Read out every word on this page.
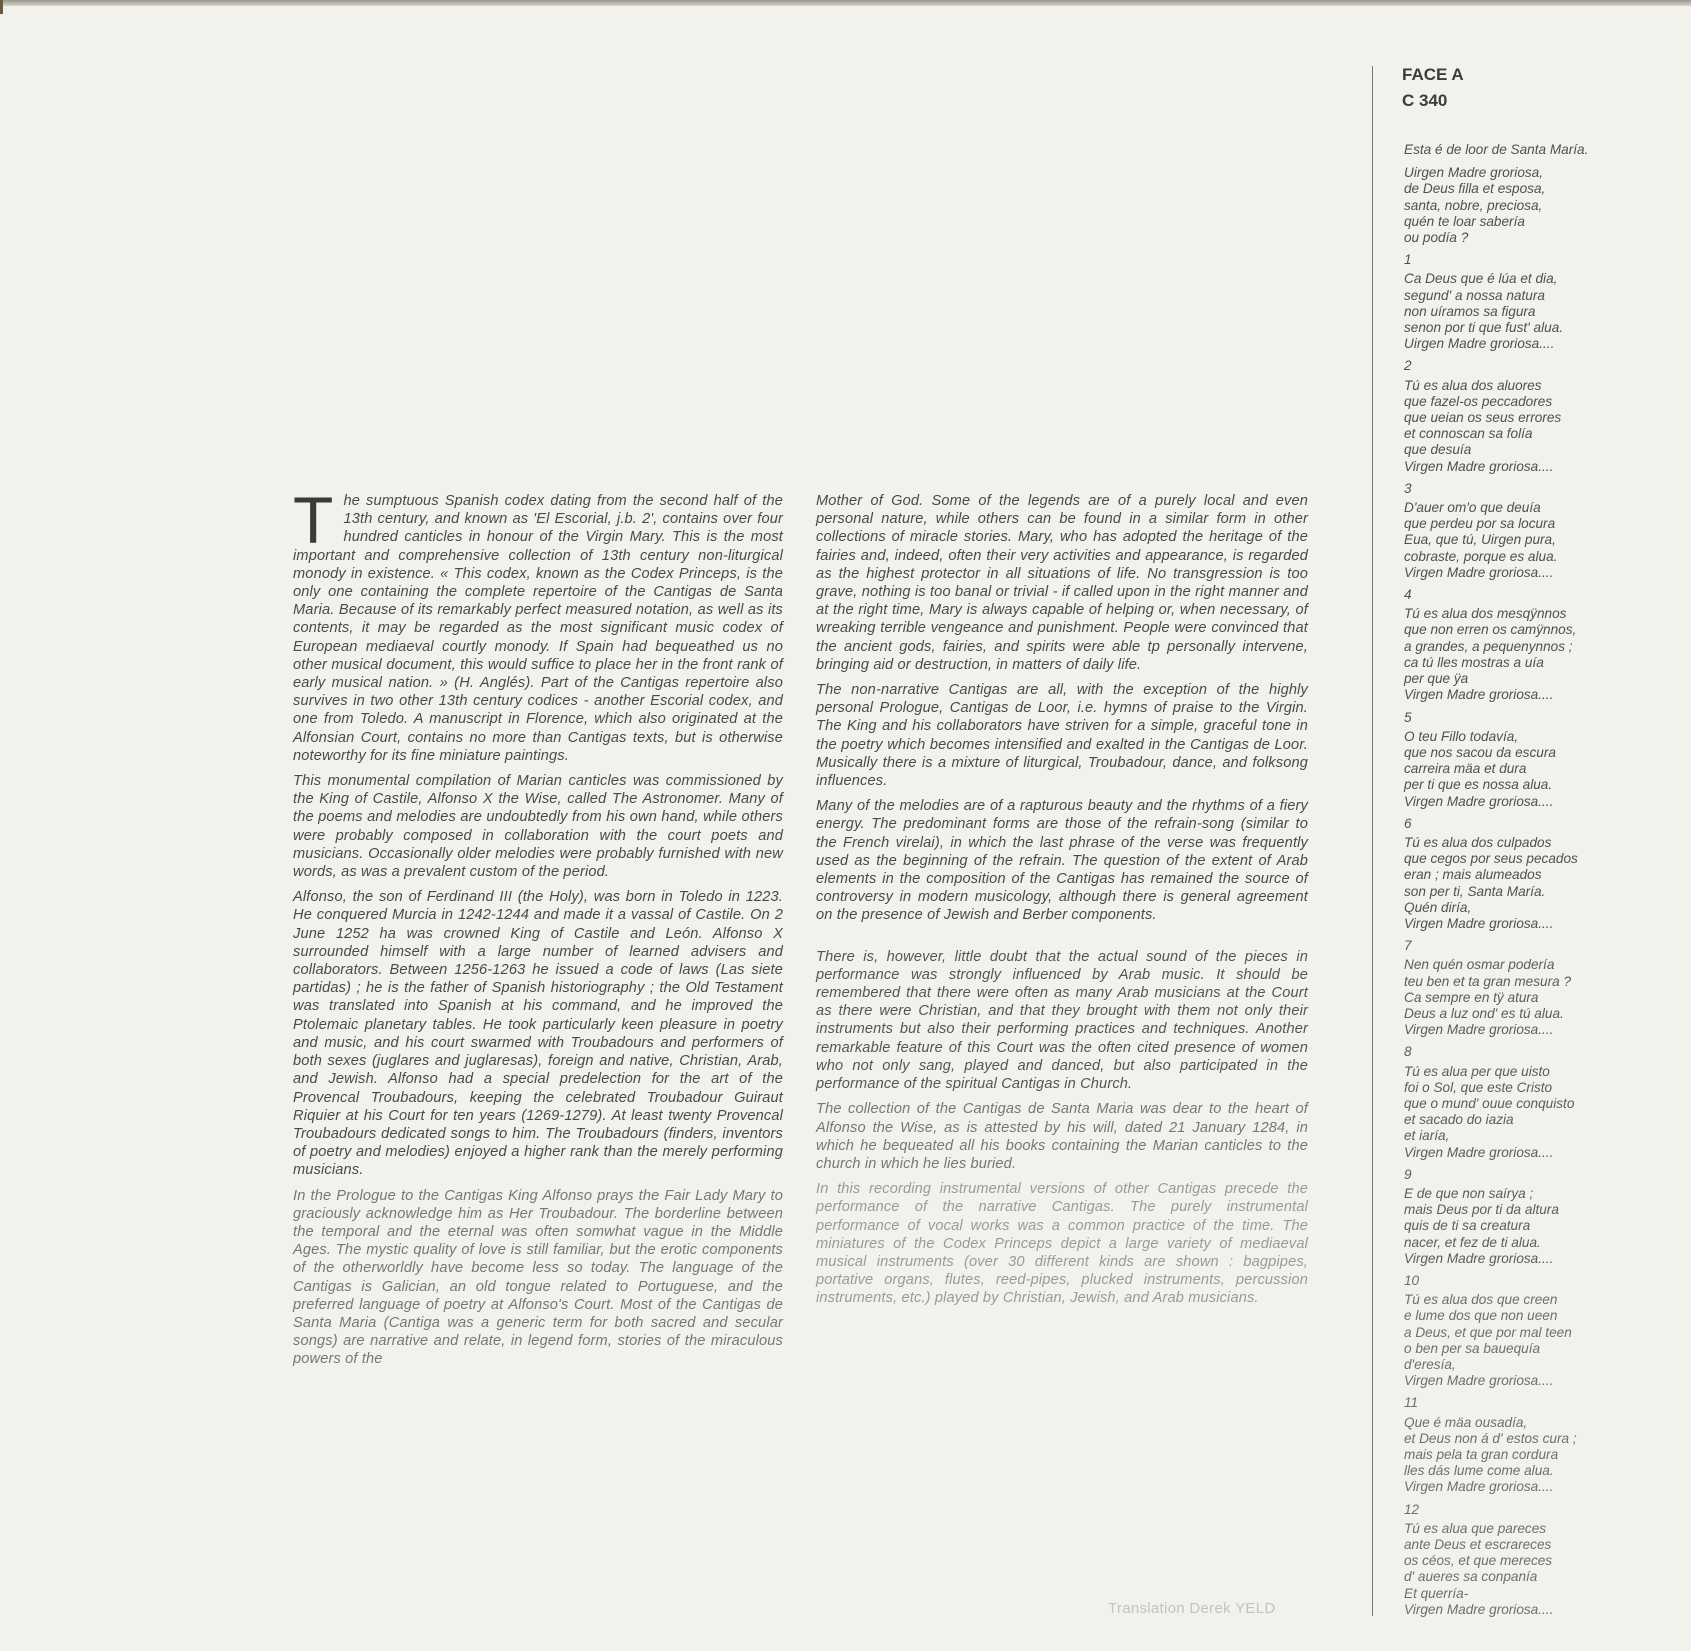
The sumptuous Spanish codex dating from the second half of the 13th century, and known as 'El Escorial, j.b. 2', contains over four hundred canticles in honour of the Virgin Mary. This is the most important and comprehensive collection of 13th century non-liturgical monody in existence. « This codex, known as the Codex Princeps, is the only one containing the complete repertoire of the Cantigas de Santa Maria. Because of its remarkably perfect measured notation, as well as its contents, it may be regarded as the most significant music codex of European mediaeval courtly monody. If Spain had bequeathed us no other musical document, this would suffice to place her in the front rank of early musical nation. » (H. Anglés). Part of the Cantigas repertoire also survives in two other 13th century codices - another Escorial codex, and one from Toledo. A manuscript in Florence, which also originated at the Alfonsian Court, contains no more than Cantigas texts, but is otherwise noteworthy for its fine miniature paintings.

This monumental compilation of Marian canticles was commissioned by the King of Castile, Alfonso X the Wise, called The Astronomer. Many of the poems and melodies are undoubtedly from his own hand, while others were probably composed in collaboration with the court poets and musicians. Occasionally older melodies were probably furnished with new words, as was a prevalent custom of the period.

Alfonso, the son of Ferdinand III (the Holy), was born in Toledo in 1223. He conquered Murcia in 1242-1244 and made it a vassal of Castile. On 2 June 1252 ha was crowned King of Castile and León. Alfonso X surrounded himself with a large number of learned advisers and collaborators. Between 1256-1263 he issued a code of laws (Las siete partidas) ; he is the father of Spanish historiography ; the Old Testament was translated into Spanish at his command, and he improved the Ptolemaic planetary tables. He took particularly keen pleasure in poetry and music, and his court swarmed with Troubadours and performers of both sexes (juglares and juglaresas), foreign and native, Christian, Arab, and Jewish. Alfonso had a special predelection for the art of the Provencal Troubadours, keeping the celebrated Troubadour Guiraut Riquier at his Court for ten years (1269-1279). At least twenty Provencal Troubadours dedicated songs to him. The Troubadours (finders, inventors of poetry and melodies) enjoyed a higher rank than the merely performing musicians.

In the Prologue to the Cantigas King Alfonso prays the Fair Lady Mary to graciously acknowledge him as Her Troubadour. The borderline between the temporal and the eternal was often somwhat vague in the Middle Ages. The mystic quality of love is still familiar, but the erotic components of the otherworldly have become less so today. The language of the Cantigas is Galician, an old tongue related to Portuguese, and the preferred language of poetry at Alfonso's Court. Most of the Cantigas de Santa Maria (Cantiga was a generic term for both sacred and secular songs) are narrative and relate, in legend form, stories of the miraculous powers of the

Mother of God. Some of the legends are of a purely local and even personal nature, while others can be found in a similar form in other collections of miracle stories. Mary, who has adopted the heritage of the fairies and, indeed, often their very activities and appearance, is regarded as the highest protector in all situations of life. No transgression is too grave, nothing is too banal or trivial - if called upon in the right manner and at the right time, Mary is always capable of helping or, when necessary, of wreaking terrible vengeance and punishment. People were convinced that the ancient gods, fairies, and spirits were able tp personally intervene, bringing aid or destruction, in matters of daily life.

The non-narrative Cantigas are all, with the exception of the highly personal Prologue, Cantigas de Loor, i.e. hymns of praise to the Virgin. The King and his collaborators have striven for a simple, graceful tone in the poetry which becomes intensified and exalted in the Cantigas de Loor. Musically there is a mixture of liturgical, Troubadour, dance, and folksong influences.

Many of the melodies are of a rapturous beauty and the rhythms of a fiery energy. The predominant forms are those of the refrain-song (similar to the French virelai), in which the last phrase of the verse was frequently used as the beginning of the refrain. The question of the extent of Arab elements in the composition of the Cantigas has remained the source of controversy in modern musicology, although there is general agreement on the presence of Jewish and Berber components.

There is, however, little doubt that the actual sound of the pieces in performance was strongly influenced by Arab music. It should be remembered that there were often as many Arab musicians at the Court as there were Christian, and that they brought with them not only their instruments but also their performing practices and techniques. Another remarkable feature of this Court was the often cited presence of women who not only sang, played and danced, but also participated in the performance of the spiritual Cantigas in Church.

The collection of the Cantigas de Santa Maria was dear to the heart of Alfonso the Wise, as is attested by his will, dated 21 January 1284, in which he bequeated all his books containing the Marian canticles to the church in which he lies buried.

In this recording instrumental versions of other Cantigas precede the performance of the narrative Cantigas. The purely instrumental performance of vocal works was a common practice of the time. The miniatures of the Codex Princeps depict a large variety of mediaeval musical instruments (over 30 different kinds are shown : bagpipes, portative organs, flutes, reed-pipes, plucked instruments, percussion instruments, etc.) played by Christian, Jewish, and Arab musicians.

Translation Derek YELD
FACE A
C 340
Esta é de loor de Santa María.
Uirgen Madre groriosa,
de Deus filla et esposa,
santa, nobre, preciosa,
quén te loar sabería
ou podía ?
1
Ca Deus que é lúa et dia,
segund' a nossa natura
non uíramos sa figura
senon por ti que fust' alua.
Uirgen Madre groriosa....
2
Tú es alua dos aluores
que fazel-os peccadores
que ueian os seus errores
et connoscan sa folía
que desuía
Virgen Madre groriosa....
3
D'auer om'o que deuía
que perdeu por sa locura
Eua, que tú, Uirgen pura,
cobraste, porque es alua.
Virgen Madre groriosa....
4
Tú es alua dos mesqÿnnos
que non erren os camÿnnos,
a grandes, a pequenynnos ;
ca tú lles mostras a uía
per que ÿa
Virgen Madre groriosa....
5
O teu Fillo todavía,
que nos sacou da escura
carreira mäa et dura
per ti que es nossa alua.
Virgen Madre groriosa....
6
Tú es alua dos culpados
que cegos por seus pecados
eran ; mais alumeados
son per ti, Santa María.
Quén diría,
Virgen Madre groriosa....
7
Nen quén osmar podería
teu ben et ta gran mesura ?
Ca sempre en tÿ atura
Deus a luz ond' es tú alua.
Virgen Madre groriosa....
8
Tú es alua per que uisto
foi o Sol, que este Cristo
que o mund' ouue conquisto
et sacado do iazia
et iaría,
Virgen Madre groriosa....
9
E de que non saírya ;
mais Deus por ti da altura
quis de ti sa creatura
nacer, et fez de ti alua.
Virgen Madre groriosa....
10
Tú es alua dos que creen
e lume dos que non ueen
a Deus, et que por mal teen
o ben per sa bauequía
d'eresía,
Virgen Madre groriosa....
11
Que é mäa ousadía,
et Deus non á d' estos cura ;
mais pela ta gran cordura
lles dás lume come alua.
Virgen Madre groriosa....
12
Tú es alua que pareces
ante Deus et escrareces
os céos, et que mereces
d' aueres sa conpanía
Et querría-
Virgen Madre groriosa....
